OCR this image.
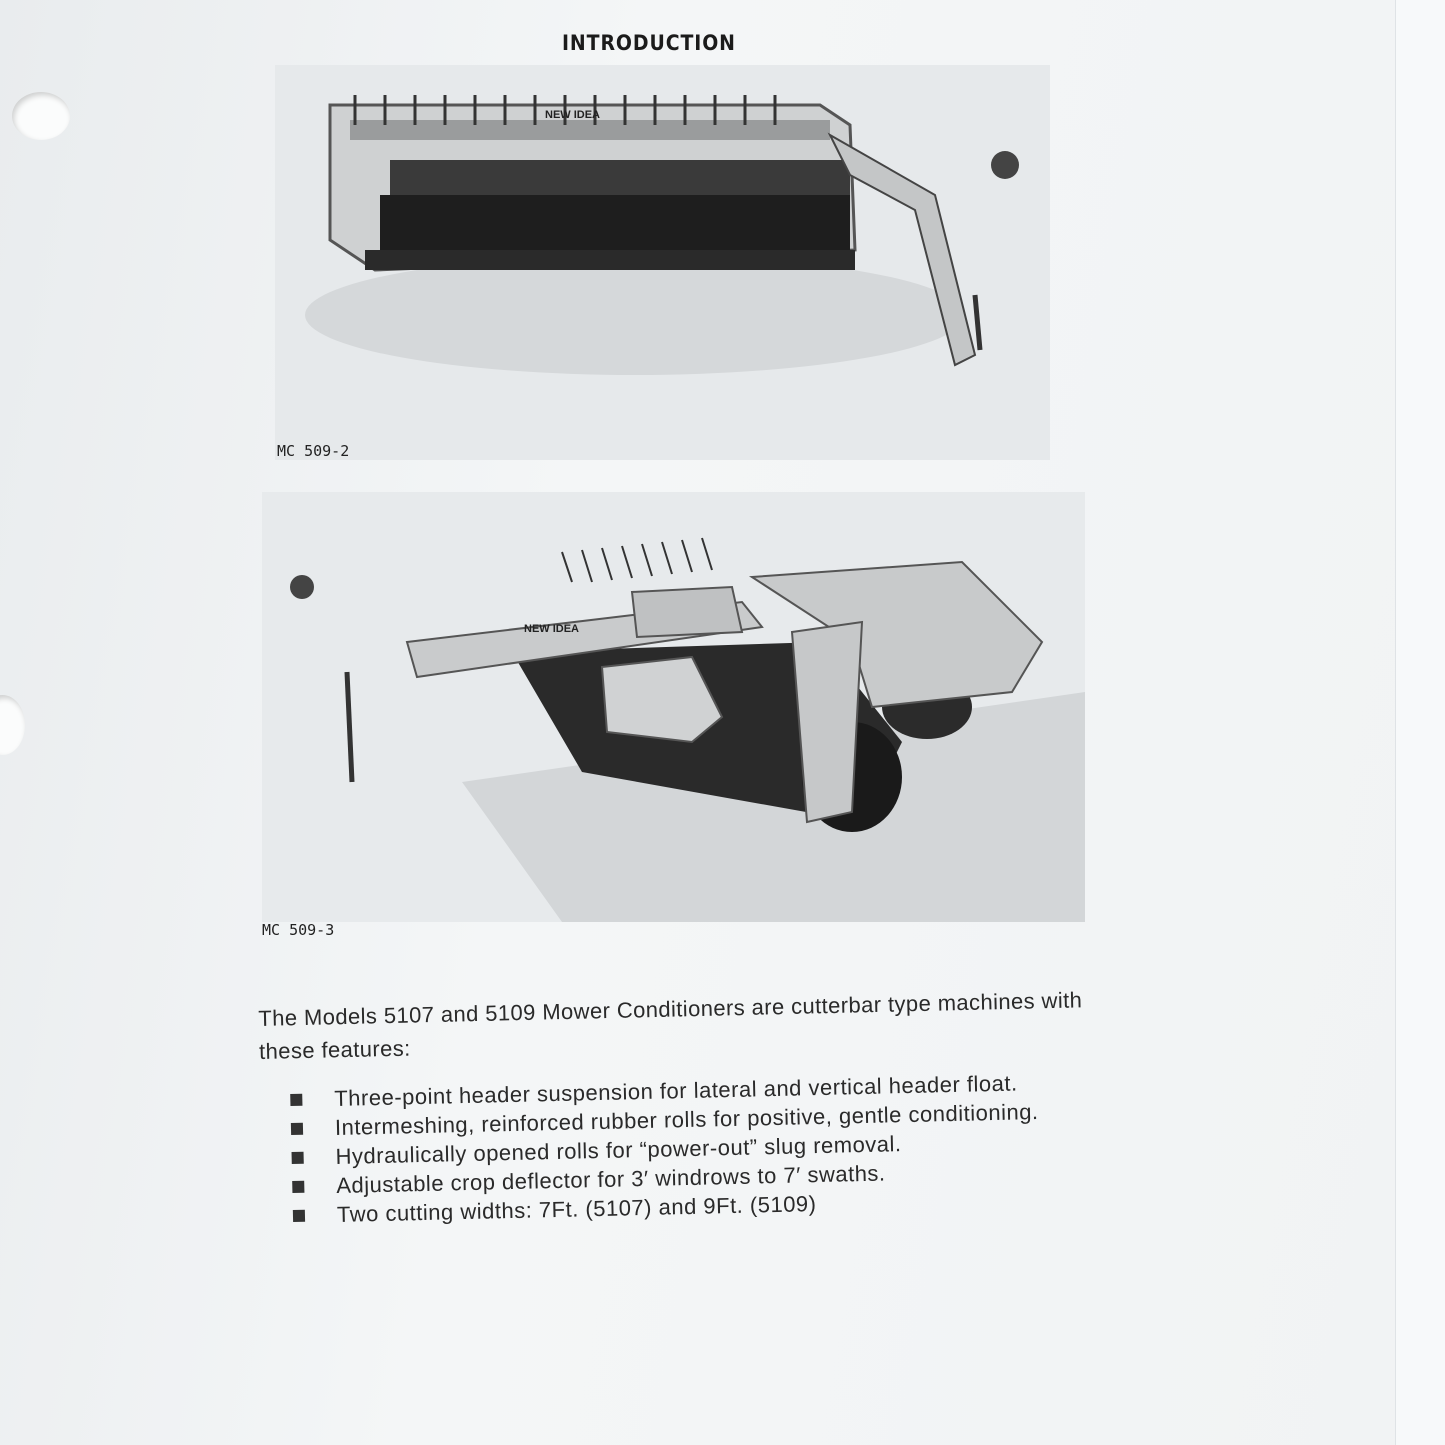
INTRODUCTION
NEW IDEA
MC 509-2
NEW IDEA
MC 509-3

The Models 5107 and 5109 Mower Conditioners are cutterbar type machines with these features:

Three-point header suspension for lateral and vertical header float.
Intermeshing, reinforced rubber rolls for positive, gentle conditioning.
Hydraulically opened rolls for “power-out” slug removal.
Adjustable crop deflector for 3′ windrows to 7′ swaths.
Two cutting widths: 7Ft. (5107) and 9Ft. (5109)
